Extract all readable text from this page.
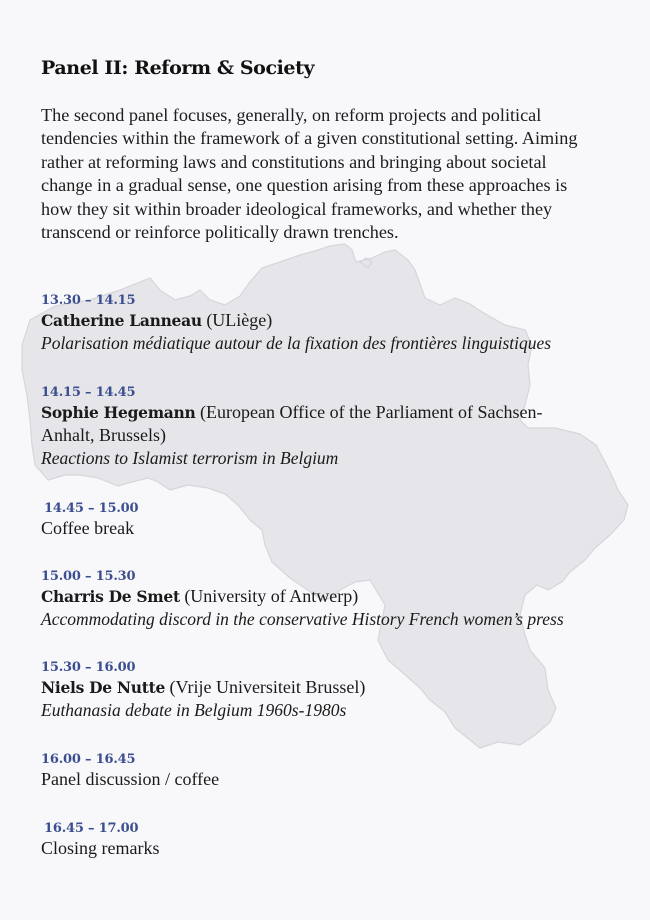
Panel II: Reform & Society
The second panel focuses, generally, on reform projects and political tendencies within the framework of a given constitutional setting. Aiming rather at reforming laws and constitutions and bringing about societal change in a gradual sense, one question arising from these approaches is how they sit within broader ideological frameworks, and whether they transcend or reinforce politically drawn trenches.
13.30 – 14.15
Catherine Lanneau (ULiège)
Polarisation médiatique autour de la fixation des frontières linguistiques
14.15 – 14.45
Sophie Hegemann (European Office of the Parliament of Sachsen-Anhalt, Brussels)
Reactions to Islamist terrorism in Belgium
14.45 – 15.00
Coffee break
15.00 – 15.30
Charris De Smet (University of Antwerp)
Accommodating discord in the conservative History French women’s press
15.30 – 16.00
Niels De Nutte (Vrije Universiteit Brussel)
Euthanasia debate in Belgium 1960s-1980s
16.00 – 16.45
Panel discussion / coffee
16.45 – 17.00
Closing remarks
